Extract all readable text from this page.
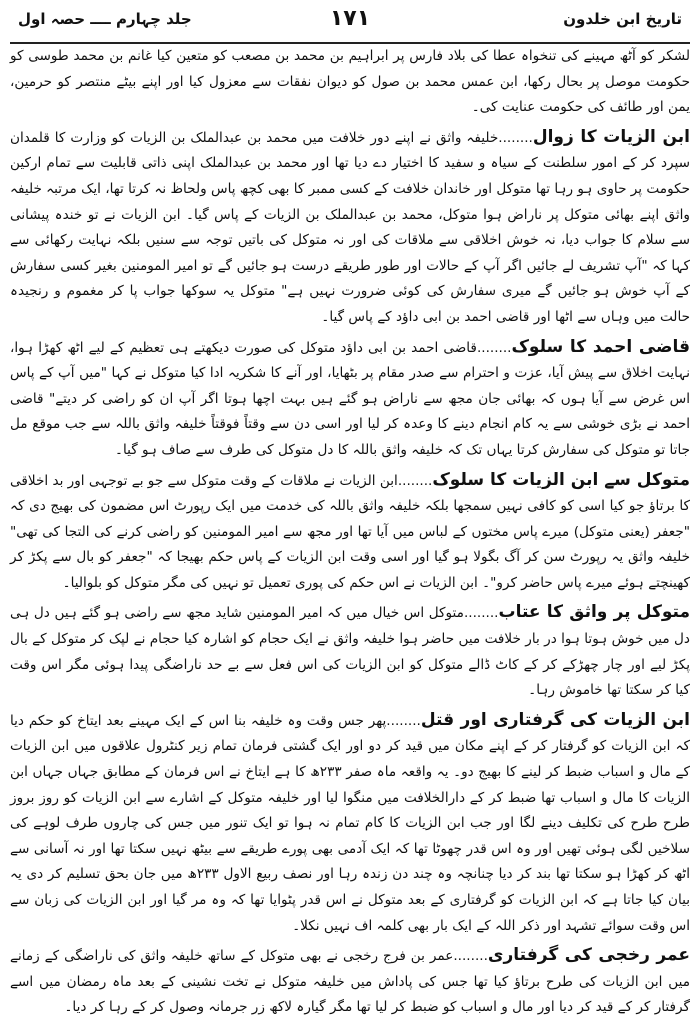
تاریخ ابن خلدون
۱۷۱
جلد چہارم ــــ حصہ اول

لشکر کو آٹھ مہینے کی تنخواہ عطا کی بلاد فارس پر ابراہیم بن محمد بن مصعب کو متعین کیا غانم بن محمد طوسی کو حکومت موصل پر بحال رکھا، ابن عمس محمد بن صول کو دیوان نفقات سے معزول کیا اور اپنے بیٹے منتصر کو حرمین، یمن اور طائف کی حکومت عنایت کی۔

ابن الزیات کا زوال........خلیفہ واثق نے اپنے دور خلافت میں محمد بن عبدالملک بن الزیات کو وزارت کا قلمدان سپرد کر کے امور سلطنت کے سیاہ و سفید کا اختیار دے دیا تھا اور محمد بن عبدالملک اپنی ذاتی قابلیت سے تمام ارکین حکومت پر حاوی ہو رہا تھا متوکل اور خاندان خلافت کے کسی ممبر کا بھی کچھ پاس ولحاظ نہ کرتا تھا، ایک مرتبہ خلیفہ واثق اپنے بھائی متوکل پر ناراض ہوا متوکل، محمد بن عبدالملک بن الزیات کے پاس گیا۔ ابن الزیات نے تو خندہ پیشانی سے سلام کا جواب دیا، نہ خوش اخلاقی سے ملاقات کی اور نہ متوکل کی باتیں توجہ سے سنیں بلکہ نہایت رکھائی سے کہا کہ "آپ تشریف لے جائیں اگر آپ کے حالات اور طور طریقے درست ہو جائیں گے تو امیر المومنین بغیر کسی سفارش کے آپ خوش ہو جائیں گے میری سفارش کی کوئی ضرورت نہیں ہے" متوکل یہ سوکھا جواب پا کر مغموم و رنجیدہ حالت میں وہاں سے اٹھا اور قاضی احمد بن ابی داؤد کے پاس گیا۔

قاضی احمد کا سلوک........قاضی احمد بن ابی داؤد متوکل کی صورت دیکھتے ہی تعظیم کے لیے اٹھ کھڑا ہوا، نہایت اخلاق سے پیش آیا، عزت و احترام سے صدر مقام پر بٹھایا، اور آنے کا شکریہ ادا کیا متوکل نے کہا "میں آپ کے پاس اس غرض سے آیا ہوں کہ بھائی جان مجھ سے ناراض ہو گئے ہیں بہت اچھا ہوتا اگر آپ ان کو راضی کر دیتے" قاضی احمد نے بڑی خوشی سے یہ کام انجام دینے کا وعدہ کر لیا اور اسی دن سے وقتاً فوقتاً خلیفہ واثق باللہ سے جب موقع مل جاتا تو متوکل کی سفارش کرتا یہاں تک کہ خلیفہ واثق باللہ کا دل متوکل کی طرف سے صاف ہو گیا۔

متوکل سے ابن الزیات کا سلوک........ابن الزیات نے ملاقات کے وقت متوکل سے جو بے توجہی اور بد اخلاقی کا برتاؤ جو کیا اسی کو کافی نہیں سمجھا بلکہ خلیفہ واثق باللہ کی خدمت میں ایک رپورٹ اس مضمون کی بھیج دی کہ "جعفر (یعنی متوکل) میرے پاس مختوں کے لباس میں آیا تھا اور مجھ سے امیر المومنین کو راضی کرنے کی التجا کی تھی" خلیفہ واثق یہ رپورٹ سن کر آگ بگولا ہو گیا اور اسی وقت ابن الزیات کے پاس حکم بھیجا کہ "جعفر کو بال سے پکڑ کر کھینچتے ہوئے میرے پاس حاضر کرو"۔ ابن الزیات نے اس حکم کی پوری تعمیل تو نہیں کی مگر متوکل کو بلوالیا۔

متوکل پر واثق کا عتاب........متوکل اس خیال میں کہ امیر المومنین شاید مجھ سے راضی ہو گئے ہیں دل ہی دل میں خوش ہوتا ہوا در بار خلافت میں حاضر ہوا خلیفہ واثق نے ایک حجام کو اشارہ کیا حجام نے لپک کر متوکل کے بال پکڑ لیے اور چار چھڑکے کر کے کاٹ ڈالے متوکل کو ابن الزیات کی اس فعل سے بے حد ناراضگی پیدا ہوئی مگر اس وقت کیا کر سکتا تھا خاموش رہا۔

ابن الزیات کی گرفتاری اور قتل........پھر جس وقت وہ خلیفہ بنا اس کے ایک مہینے بعد ایتاخ کو حکم دیا کہ ابن الزیات کو گرفتار کر کے اپنے مکان میں قید کر دو اور ایک گشتی فرمان تمام زیر کنٹرول علاقوں میں ابن الزیات کے مال و اسباب ضبط کر لینے کا بھیج دو۔ یہ واقعہ ماہ صفر ۲۳۳ھ کا ہے ایتاخ نے اس فرمان کے مطابق جہاں جہاں ابن الزیات کا مال و اسباب تھا ضبط کر کے دارالخلافت میں منگوا لیا اور خلیفہ متوکل کے اشارے سے ابن الزیات کو روز بروز طرح طرح کی تکلیف دینے لگا اور جب ابن الزیات کا کام تمام نہ ہوا تو ایک تنور میں جس کی چاروں طرف لوہے کی سلاخیں لگی ہوئی تھیں اور وہ اس قدر چھوٹا تھا کہ ایک آدمی بھی پورے طریقے سے بیٹھ نہیں سکتا تھا اور نہ آسانی سے اٹھ کر کھڑا ہو سکتا تھا بند کر دیا چنانچہ وہ چند دن زندہ رہا اور نصف ربیع الاول ۲۳۳ھ میں جان بحق تسلیم کر دی یہ بیان کیا جاتا ہے کہ ابن الزیات کو گرفتاری کے بعد متوکل نے اس قدر پٹوایا تھا کہ وہ مر گیا اور ابن الزیات کی زبان سے اس وقت سوائے تشہد اور ذکر اللہ کے ایک بار بھی کلمہ اف نہیں نکلا۔

عمر رخجی کی گرفتاری........عمر بن فرج رخجی نے بھی متوکل کے ساتھ خلیفہ واثق کی ناراضگی کے زمانے میں ابن الزیات کی طرح برتاؤ کیا تھا جس کی پاداش میں خلیفہ متوکل نے تخت نشینی کے بعد ماہ رمضان میں اسے گرفتار کر کے قید کر دیا اور مال و اسباب کو ضبط کر لیا تھا مگر گیارہ لاکھ زر جرمانہ وصول کر کے رہا کر دیا۔
